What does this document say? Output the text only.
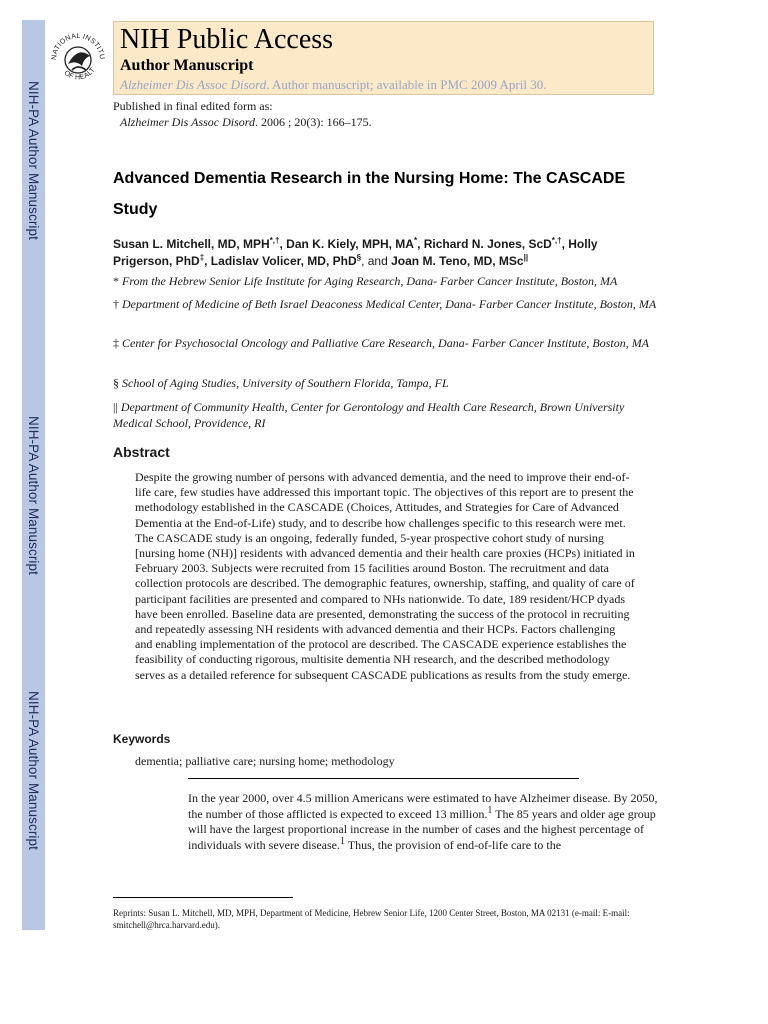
NIH-PA Author Manuscript
NIH-PA Author Manuscript
NIH-PA Author Manuscript
NATIONAL INSTITU
OF HEALT
NIH Public Access
Author Manuscript
Alzheimer Dis Assoc Disord. Author manuscript; available in PMC 2009 April 30.
Published in final edited form as:
Alzheimer Dis Assoc Disord. 2006 ; 20(3): 166–175.
Advanced Dementia Research in the Nursing Home: The CASCADE Study
Susan L. Mitchell, MD, MPH*,†, Dan K. Kiely, MPH, MA*, Richard N. Jones, ScD*,†, Holly Prigerson, PhD‡, Ladislav Volicer, MD, PhD§, and Joan M. Teno, MD, MSc||
* From the Hebrew Senior Life Institute for Aging Research, Dana- Farber Cancer Institute, Boston, MA
† Department of Medicine of Beth Israel Deaconess Medical Center, Dana- Farber Cancer Institute, Boston, MA
‡ Center for Psychosocial Oncology and Palliative Care Research, Dana- Farber Cancer Institute, Boston, MA
§ School of Aging Studies, University of Southern Florida, Tampa, FL
|| Department of Community Health, Center for Gerontology and Health Care Research, Brown University Medical School, Providence, RI
Abstract
Despite the growing number of persons with advanced dementia, and the need to improve their end-of-life care, few studies have addressed this important topic. The objectives of this report are to present the methodology established in the CASCADE (Choices, Attitudes, and Strategies for Care of Advanced Dementia at the End-of-Life) study, and to describe how challenges specific to this research were met. The CASCADE study is an ongoing, federally funded, 5-year prospective cohort study of nursing [nursing home (NH)] residents with advanced dementia and their health care proxies (HCPs) initiated in February 2003. Subjects were recruited from 15 facilities around Boston. The recruitment and data collection protocols are described. The demographic features, ownership, staffing, and quality of care of participant facilities are presented and compared to NHs nationwide. To date, 189 resident/HCP dyads have been enrolled. Baseline data are presented, demonstrating the success of the protocol in recruiting and repeatedly assessing NH residents with advanced dementia and their HCPs. Factors challenging and enabling implementation of the protocol are described. The CASCADE experience establishes the feasibility of conducting rigorous, multisite dementia NH research, and the described methodology serves as a detailed reference for subsequent CASCADE publications as results from the study emerge.
Keywords
dementia; palliative care; nursing home; methodology
In the year 2000, over 4.5 million Americans were estimated to have Alzheimer disease. By 2050, the number of those afflicted is expected to exceed 13 million.$^1$ The 85 years and older age group will have the largest proportional increase in the number of cases and the highest percentage of individuals with severe disease.$^1$ Thus, the provision of end-of-life care to the
Reprints: Susan L. Mitchell, MD, MPH, Department of Medicine, Hebrew Senior Life, 1200 Center Street, Boston, MA 02131 (e-mail: E-mail: smitchell@hrca.harvard.edu).
